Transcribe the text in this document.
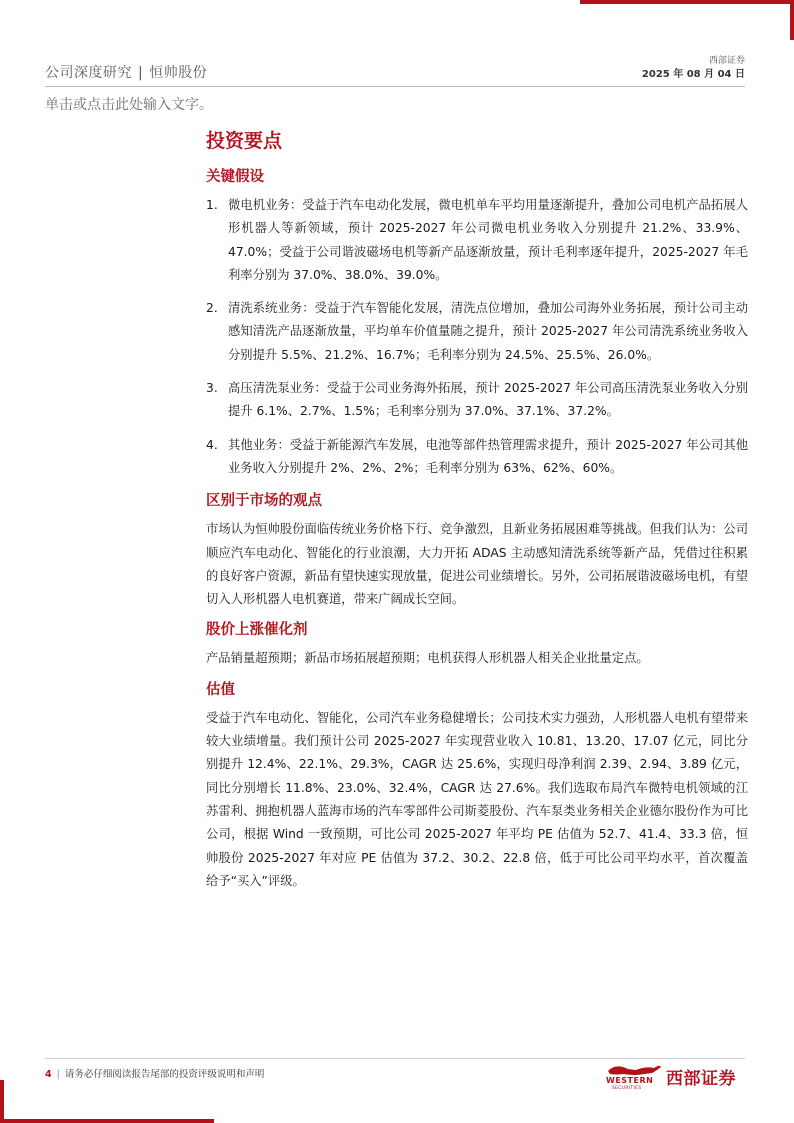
公司深度研究 | 恒帅股份
西部证券
2025 年 08 月 04 日
单击或点击此处输入文字。
投资要点
关键假设
1. 微电机业务：受益于汽车电动化发展，微电机单车平均用量逐渐提升，叠加公司电机产品拓展人形机器人等新领域，预计 2025-2027 年公司微电机业务收入分别提升 21.2%、33.9%、47.0%；受益于公司谐波磁场电机等新产品逐渐放量，预计毛利率逐年提升，2025-2027 年毛利率分别为 37.0%、38.0%、39.0%。
2. 清洗系统业务：受益于汽车智能化发展，清洗点位增加，叠加公司海外业务拓展，预计公司主动感知清洗产品逐渐放量，平均单车价值量随之提升，预计 2025-2027 年公司清洗系统业务收入分别提升 5.5%、21.2%、16.7%；毛利率分别为 24.5%、25.5%、26.0%。
3. 高压清洗泵业务：受益于公司业务海外拓展，预计 2025-2027 年公司高压清洗泵业务收入分别提升 6.1%、2.7%、1.5%；毛利率分别为 37.0%、37.1%、37.2%。
4. 其他业务：受益于新能源汽车发展，电池等部件热管理需求提升，预计 2025-2027 年公司其他业务收入分别提升 2%、2%、2%；毛利率分别为 63%、62%、60%。
区别于市场的观点

市场认为恒帅股份面临传统业务价格下行、竞争激烈，且新业务拓展困难等挑战。但我们认为：公司顺应汽车电动化、智能化的行业浪潮，大力开拓 ADAS 主动感知清洗系统等新产品，凭借过往积累的良好客户资源，新品有望快速实现放量，促进公司业绩增长。另外，公司拓展谐波磁场电机，有望切入人形机器人电机赛道，带来广阔成长空间。

股价上涨催化剂

产品销量超预期；新品市场拓展超预期；电机获得人形机器人相关企业批量定点。

估值

受益于汽车电动化、智能化，公司汽车业务稳健增长；公司技术实力强劲，人形机器人电机有望带来较大业绩增量。我们预计公司 2025-2027 年实现营业收入 10.81、13.20、17.07 亿元，同比分别提升 12.4%、22.1%、29.3%，CAGR 达 25.6%，实现归母净利润 2.39、2.94、3.89 亿元，同比分别增长 11.8%、23.0%、32.4%，CAGR 达 27.6%。我们选取布局汽车微特电机领域的江苏雷利、拥抱机器人蓝海市场的汽车零部件公司斯菱股份、汽车泵类业务相关企业德尔股份作为可比公司，根据 Wind 一致预期，可比公司 2025-2027 年平均 PE 估值为 52.7、41.4、33.3 倍，恒帅股份 2025-2027 年对应 PE 估值为 37.2、30.2、22.8 倍，低于可比公司平均水平，首次覆盖给予“买入”评级。

4 | 请务必仔细阅读报告尾部的投资评级说明和声明
WESTERN
SECURITIES 西部证券
